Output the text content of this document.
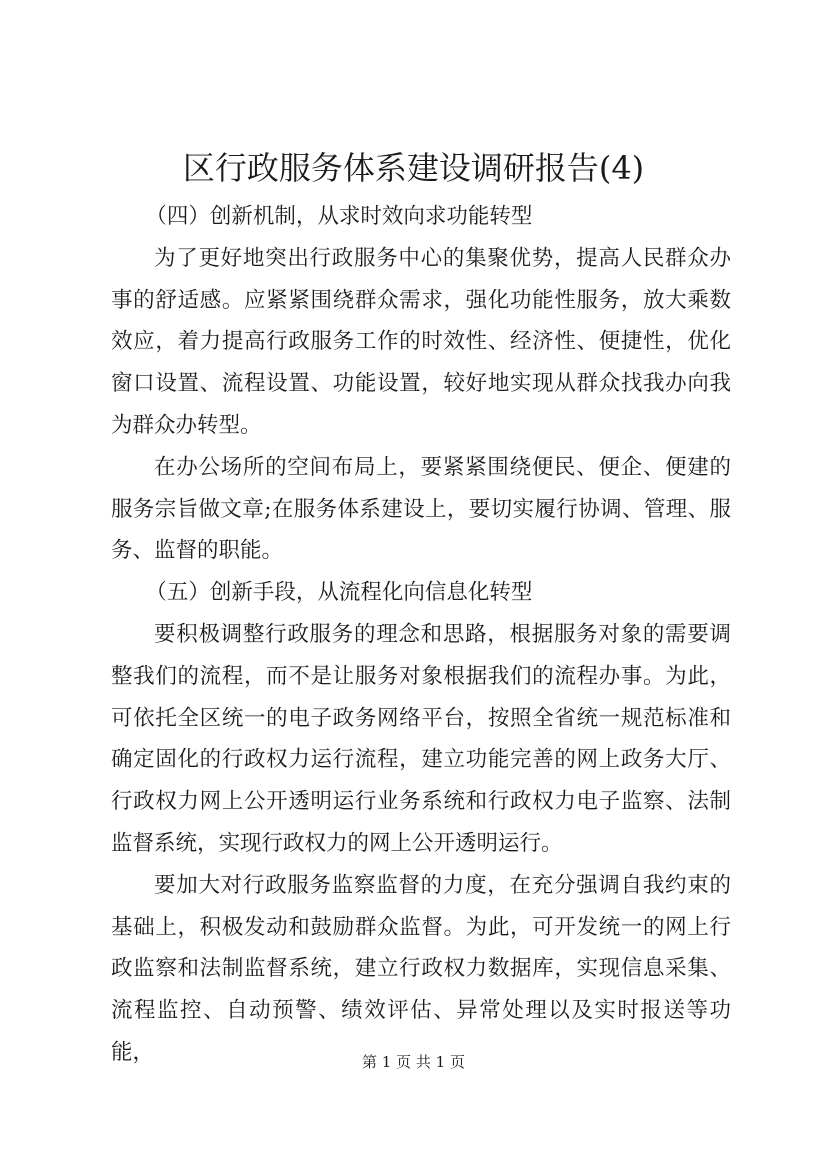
区行政服务体系建设调研报告(4)

（四）创新机制，从求时效向求功能转型

为了更好地突出行政服务中心的集聚优势，提高人民群众办事的舒适感。应紧紧围绕群众需求，强化功能性服务，放大乘数效应，着力提高行政服务工作的时效性、经济性、便捷性，优化窗口设置、流程设置、功能设置，较好地实现从群众找我办向我为群众办转型。

在办公场所的空间布局上，要紧紧围绕便民、便企、便建的服务宗旨做文章;在服务体系建设上，要切实履行协调、管理、服务、监督的职能。

（五）创新手段，从流程化向信息化转型

要积极调整行政服务的理念和思路，根据服务对象的需要调整我们的流程，而不是让服务对象根据我们的流程办事。为此，可依托全区统一的电子政务网络平台，按照全省统一规范标准和确定固化的行政权力运行流程，建立功能完善的网上政务大厅、行政权力网上公开透明运行业务系统和行政权力电子监察、法制监督系统，实现行政权力的网上公开透明运行。

要加大对行政服务监察监督的力度，在充分强调自我约束的基础上，积极发动和鼓励群众监督。为此，可开发统一的网上行政监察和法制监督系统，建立行政权力数据库，实现信息采集、流程监控、自动预警、绩效评估、异常处理以及实时报送等功能，	第 1 页 共 1 页
